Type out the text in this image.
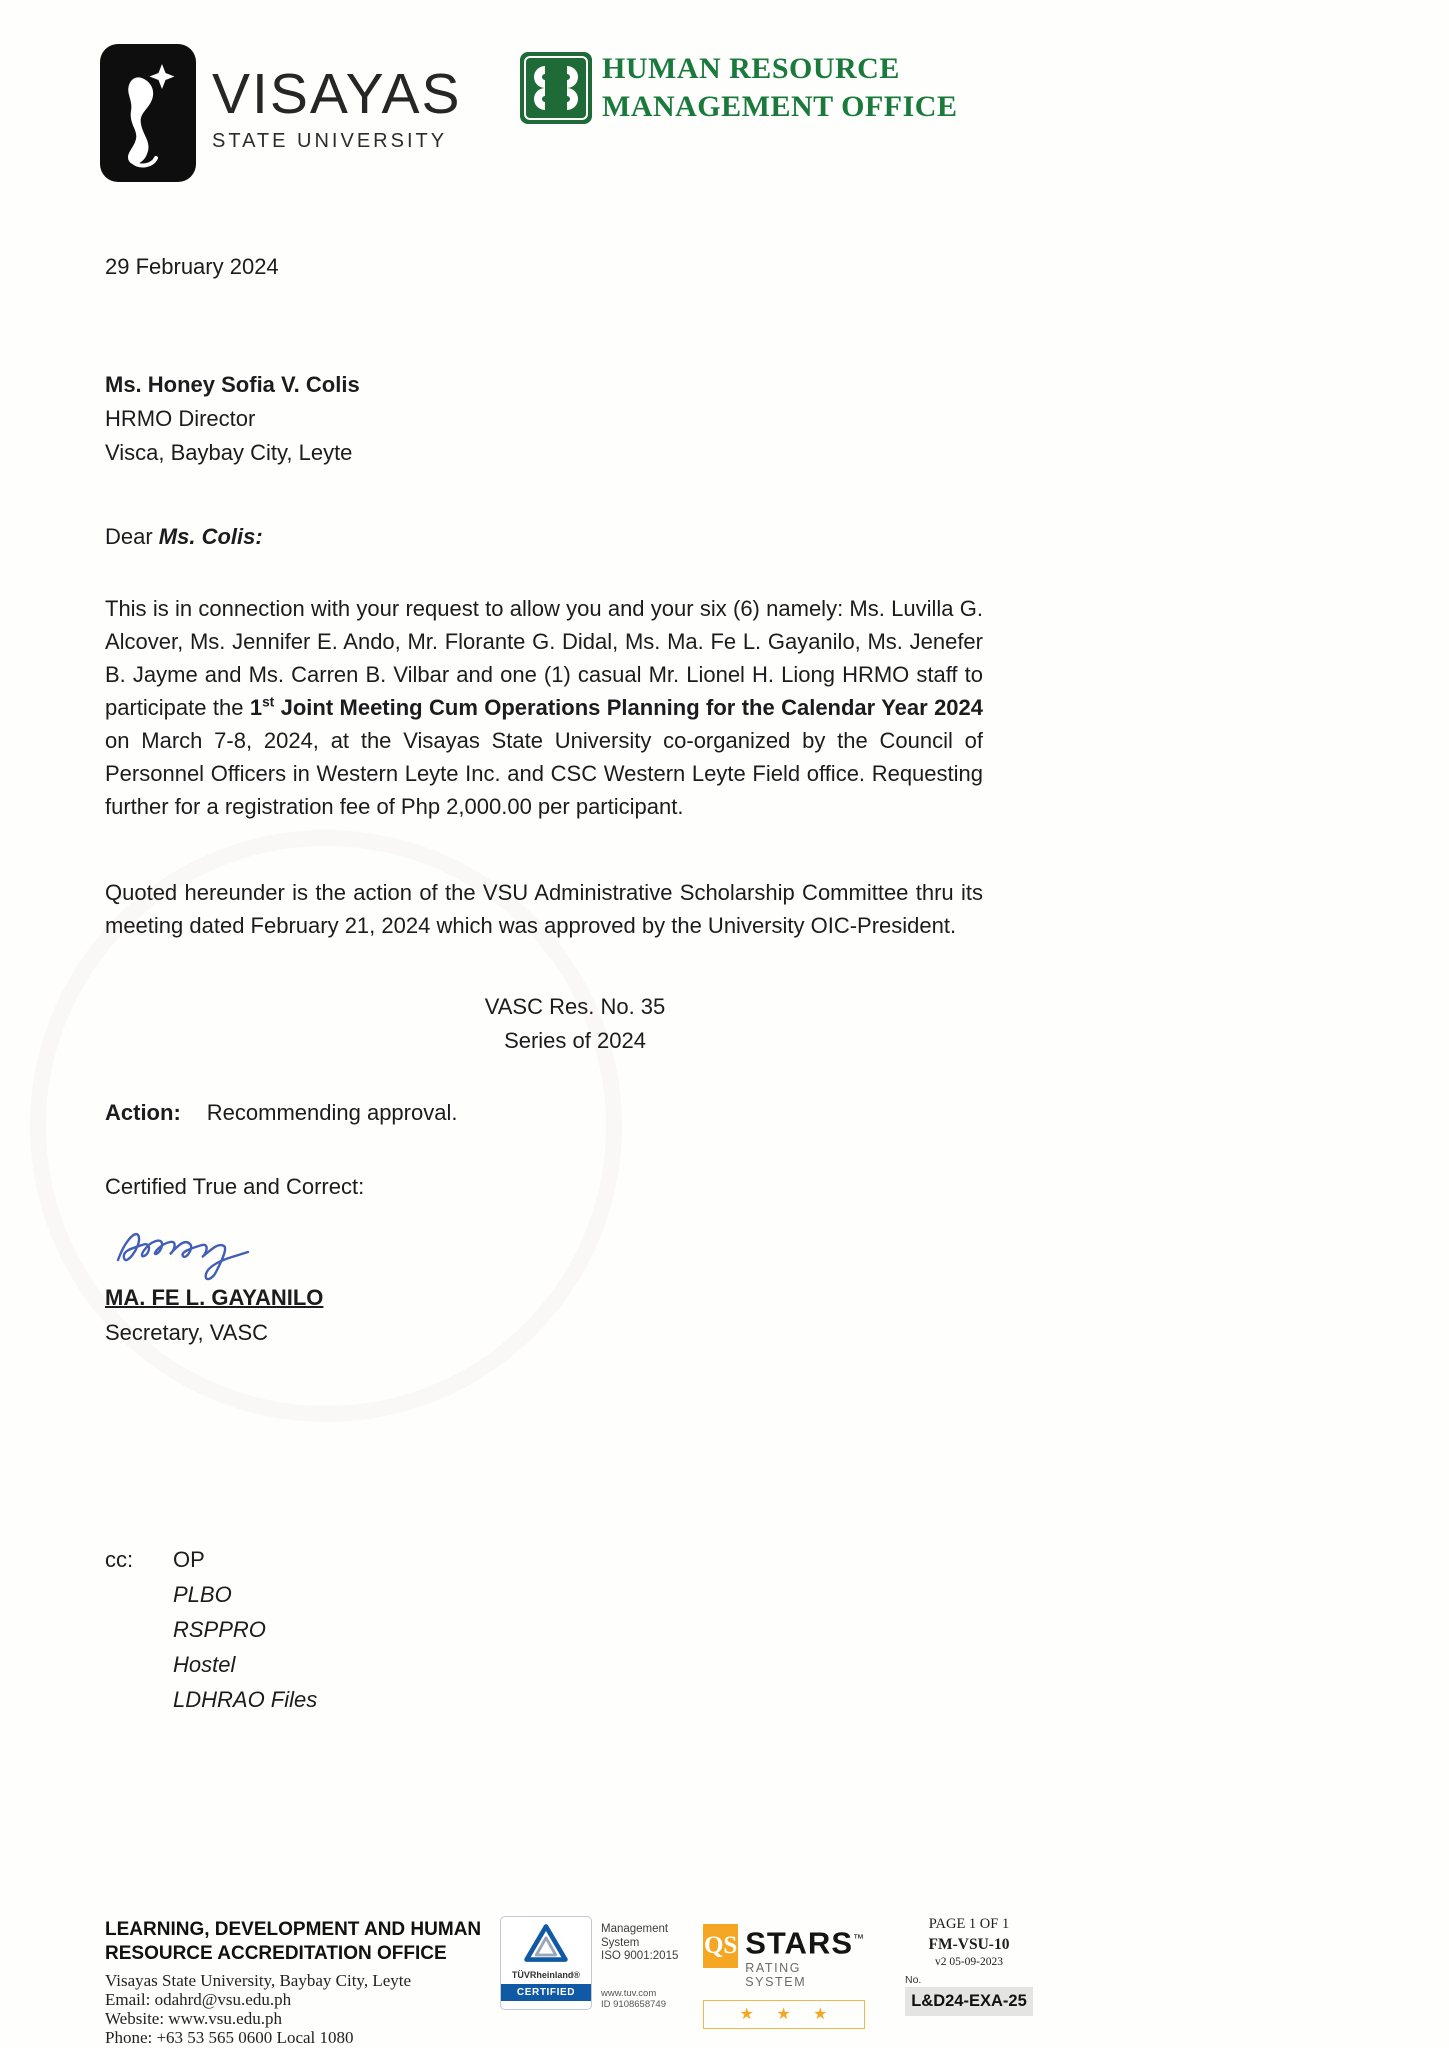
VISAYAS
STATE UNIVERSITY
HUMAN RESOURCE
MANAGEMENT OFFICE
29 February 2024
Ms. Honey Sofia V. Colis
HRMO Director
Visca, Baybay City, Leyte
Dear Ms. Colis:
This is in connection with your request to allow you and your six (6) namely: Ms. Luvilla G. Alcover, Ms. Jennifer E. Ando, Mr. Florante G. Didal, Ms. Ma. Fe L. Gayanilo, Ms. Jenefer B. Jayme and Ms. Carren B. Vilbar and one (1) casual Mr. Lionel H. Liong HRMO staff to participate the 1st Joint Meeting Cum Operations Planning for the Calendar Year 2024 on March 7-8, 2024, at the Visayas State University co-organized by the Council of Personnel Officers in Western Leyte Inc. and CSC Western Leyte Field office. Requesting further for a registration fee of Php 2,000.00 per participant.
Quoted hereunder is the action of the VSU Administrative Scholarship Committee thru its meeting dated February 21, 2024 which was approved by the University OIC-President.
VASC Res. No. 35
Series of 2024
Action: Recommending approval.
Certified True and Correct:
MA. FE L. GAYANILO
Secretary, VASC
cc:	OP
PLBO
RSPPRO
Hostel
LDHRAO Files
LEARNING, DEVELOPMENT AND HUMAN
RESOURCE ACCREDITATION OFFICE
Visayas State University, Baybay City, Leyte
Email: odahrd@vsu.edu.ph
Website: www.vsu.edu.ph
Phone: +63 53 565 0600 Local 1080
TÜVRheinland®
CERTIFIED
Management
System
ISO 9001:2015
www.tuv.com
ID 9108658749
QS STARS™
RATING SYSTEM
★ ★ ★
PAGE 1 OF 1
FM-VSU-10
v2 05-09-2023
No.
L&D24-EXA-25
